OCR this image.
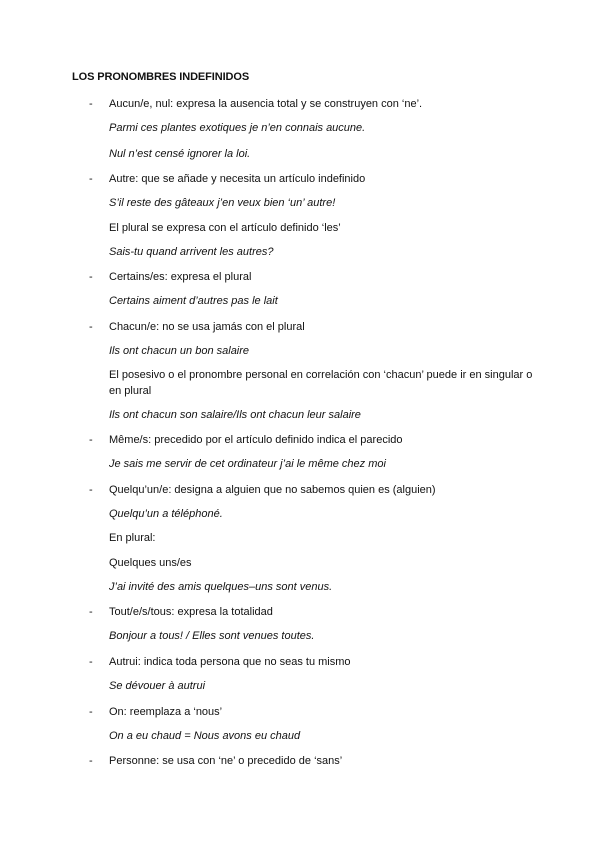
LOS PRONOMBRES INDEFINIDOS
- Aucun/e, nul: expresa la ausencia total y se construyen con ‘ne’.
Parmi ces plantes exotiques je n’en connais aucune.
Nul n’est censé ignorer la loi.
- Autre: que se añade y necesita un artículo indefinido
S’il reste des gâteaux j’en veux bien ‘un’ autre!
El plural se expresa con el artículo definido ‘les’
Sais-tu quand arrivent les autres?
- Certains/es: expresa el plural
Certains aiment d’autres pas le lait
- Chacun/e: no se usa jamás con el plural
Ils ont chacun un bon salaire
El posesivo o el pronombre personal en correlación con ‘chacun’ puede ir en singular o en plural
Ils ont chacun son salaire/Ils ont chacun leur salaire
- Même/s: precedido por el artículo definido indica el parecido
Je sais me servir de cet ordinateur j’ai le même chez moi
- Quelqu’un/e: designa a alguien que no sabemos quien es (alguien)
Quelqu’un a téléphoné.
En plural:
Quelques uns/es
J’ai invité des amis quelques–uns sont venus.
- Tout/e/s/tous: expresa la totalidad
Bonjour a tous! / Elles sont venues toutes.
- Autrui: indica toda persona que no seas tu mismo
Se dévouer à autrui
- On: reemplaza a ‘nous’
On a eu chaud = Nous avons eu chaud
- Personne: se usa con ‘ne’ o precedido de ‘sans’
